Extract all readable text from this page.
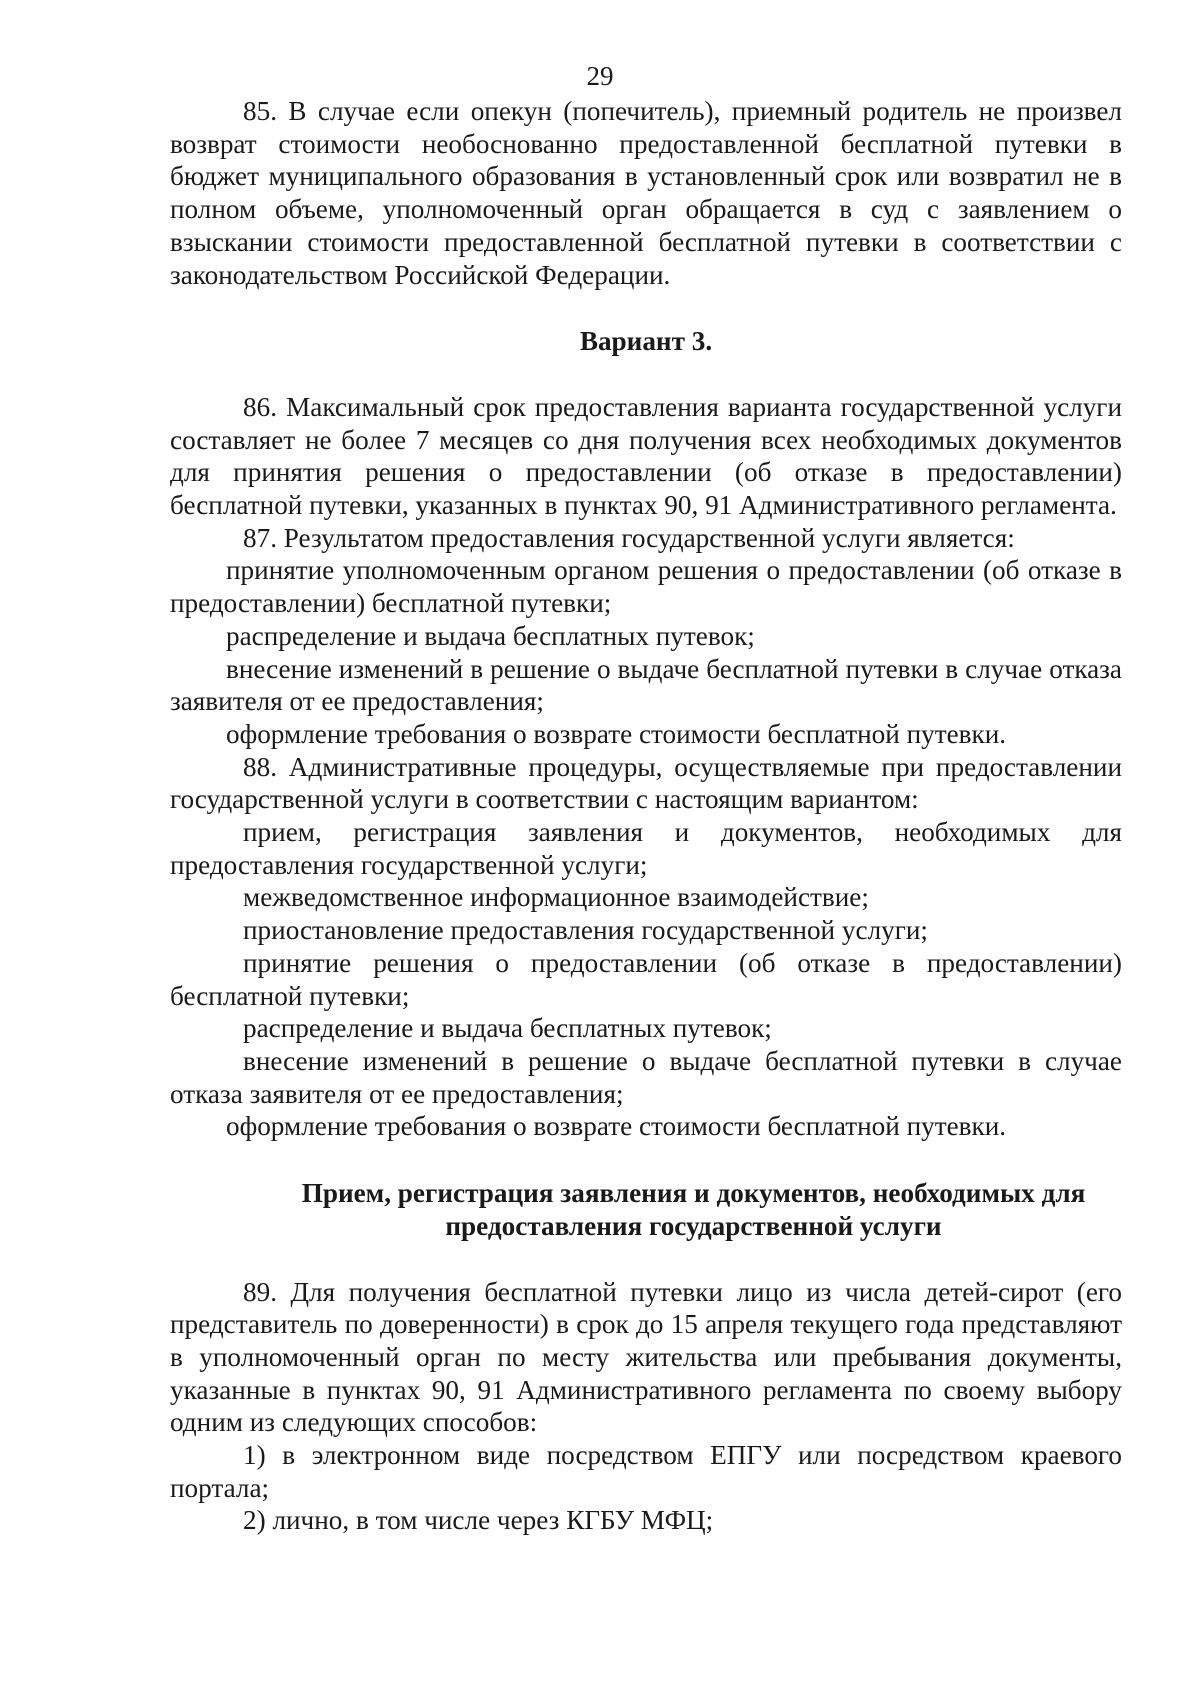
29

85. В случае если опекун (попечитель), приемный родитель не произвел возврат стоимости необоснованно предоставленной бесплатной путевки в бюджет муниципального образования в установленный срок или возвратил не в полном объеме, уполномоченный орган обращается в суд с заявлением о взыскании стоимости предоставленной бесплатной путевки в соответствии с законодательством Российской Федерации.

Вариант 3.

86. Максимальный срок предоставления варианта государственной услуги составляет не более 7 месяцев со дня получения всех необходимых документов для принятия решения о предоставлении (об отказе в предоставлении) бесплатной путевки, указанных в пунктах 90, 91 Административного регламента.

87. Результатом предоставления государственной услуги является:

принятие уполномоченным органом решения о предоставлении (об отказе в предоставлении) бесплатной путевки;

распределение и выдача бесплатных путевок;

внесение изменений в решение о выдаче бесплатной путевки в случае отказа заявителя от ее предоставления;

оформление требования о возврате стоимости бесплатной путевки.

88. Административные процедуры, осуществляемые при предоставлении государственной услуги в соответствии с настоящим вариантом:

прием, регистрация заявления и документов, необходимых для предоставления государственной услуги;

межведомственное информационное взаимодействие;

приостановление предоставления государственной услуги;

принятие решения о предоставлении (об отказе в предоставлении) бесплатной путевки;

распределение и выдача бесплатных путевок;

внесение изменений в решение о выдаче бесплатной путевки в случае отказа заявителя от ее предоставления;

оформление требования о возврате стоимости бесплатной путевки.

Прием, регистрация заявления и документов, необходимых для
предоставления государственной услуги

89. Для получения бесплатной путевки лицо из числа детей-сирот (его представитель по доверенности) в срок до 15 апреля текущего года представляют в уполномоченный орган по месту жительства или пребывания документы, указанные в пунктах 90, 91 Административного регламента по своему выбору одним из следующих способов:

1) в электронном виде посредством ЕПГУ или посредством краевого портала;

2) лично, в том числе через КГБУ МФЦ;
